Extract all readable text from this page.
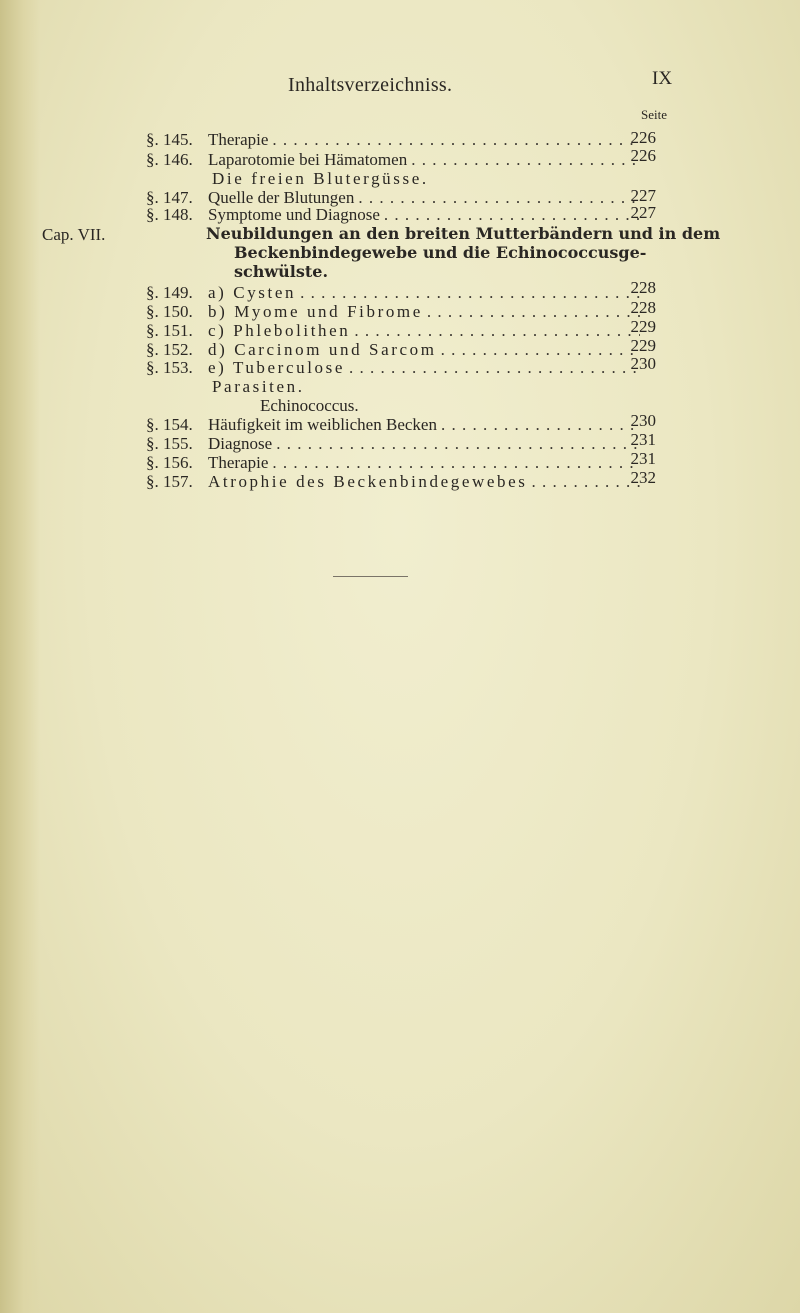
Inhaltsverzeichniss.	IX
Seite
§. 145. Therapie . . .	226
§. 146. Laparotomie bei Hämatomen . . .	226
Die freien Blutergüsse.
§. 147. Quelle der Blutungen . . .	227
§. 148. Symptome und Diagnose . . .	227
Cap. VII.	Neubildungen an den breiten Mutterbändern und in dem
Beckenbindegewebe und die Echinococcusge-
schwülste.
§. 149. a) Cysten . . .	228
§. 150. b) Myome und Fibrome . . .	228
§. 151. c) Phlebolithen . . .	229
§. 152. d) Carcinom und Sarcom . . .	229
§. 153. e) Tuberculose . . .	230
Parasiten.
Echinococcus.
§. 154. Häufigkeit im weiblichen Becken . . .	230
§. 155. Diagnose . . .	231
§. 156. Therapie . . .	231
§. 157. Atrophie des Beckenbindegewebes . . .	232
